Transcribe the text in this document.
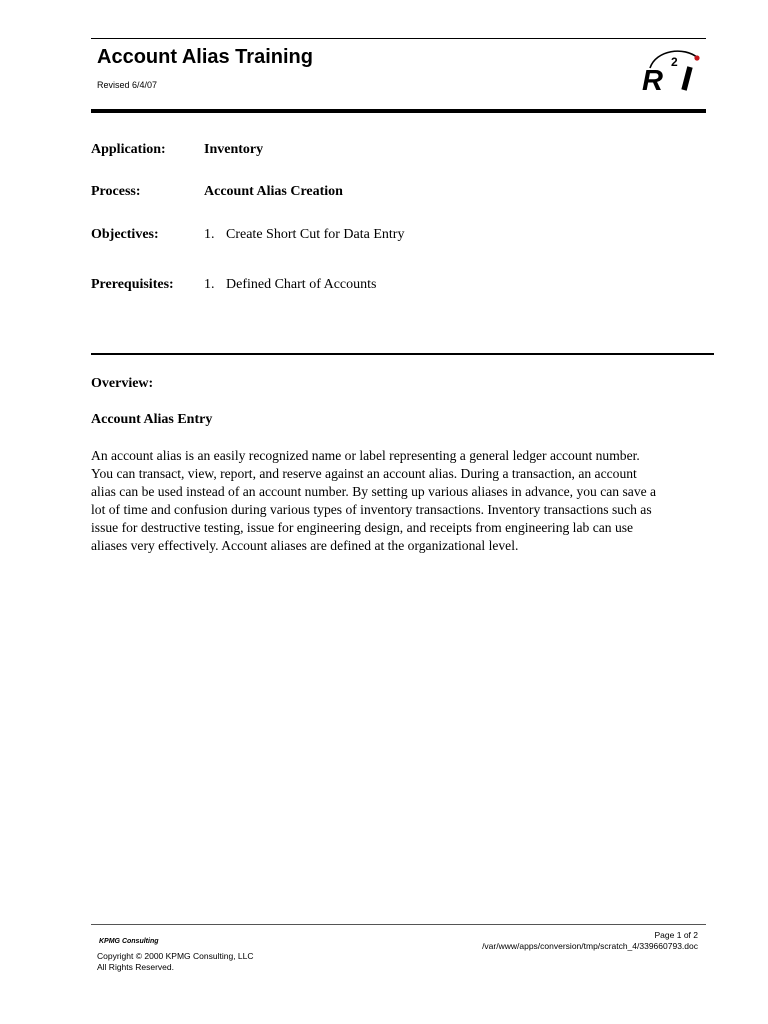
Account Alias Training
Revised 6/4/07	R
2
Application:	Inventory
Process:	Account Alias Creation
Objectives:	1. Create Short Cut for Data Entry
Prerequisites: 1. Defined Chart of Accounts
Overview:
Account Alias Entry
An account alias is an easily recognized name or label representing a general ledger account number.
You can transact, view, report, and reserve against an account alias. During a transaction, an account
alias can be used instead of an account number. By setting up various aliases in advance, you can save a
lot of time and confusion during various types of inventory transactions. Inventory transactions such as
issue for destructive testing, issue for engineering design, and receipts from engineering lab can use
aliases very effectively. Account aliases are defined at the organizational level.
KPMG Consulting
Copyright © 2000 KPMG Consulting, LLC
All Rights Reserved.
Page 1 of 2
/var/www/apps/conversion/tmp/scratch_4/339660793.doc
